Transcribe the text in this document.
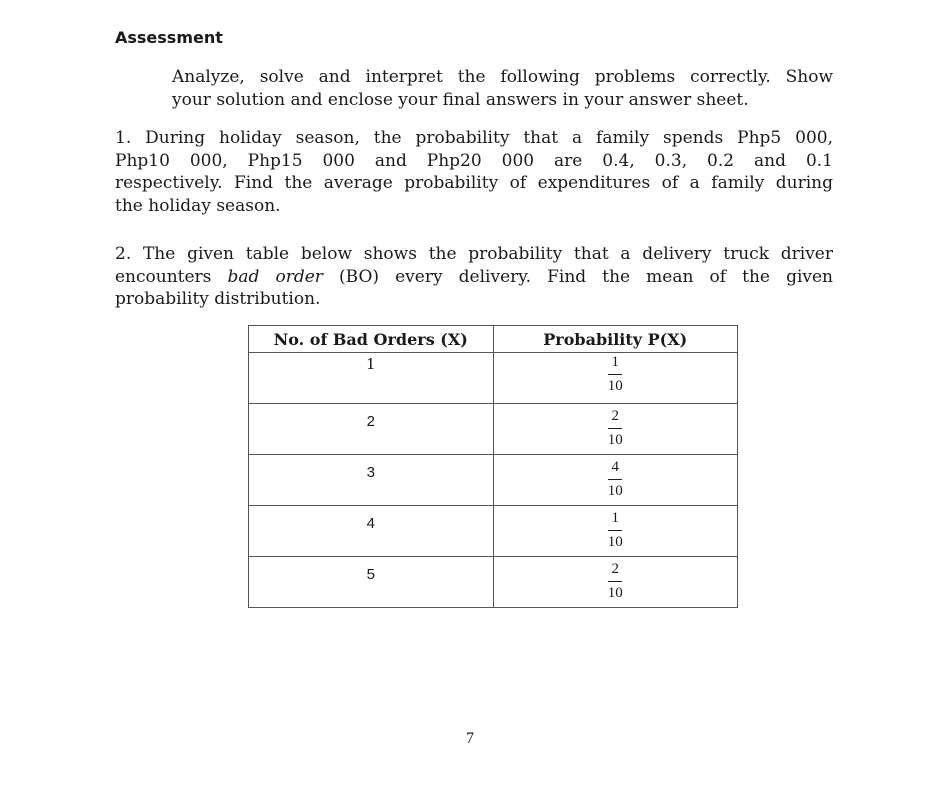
Assessment

Analyze, solve and interpret the following problems correctly. Show
your solution and enclose your final answers in your answer sheet.

1. During holiday season, the probability that a family spends Php5 000,
Php10 000, Php15 000 and Php20 000 are 0.4, 0.3, 0.2 and 0.1
respectively. Find the average probability of expenditures of a family during
the holiday season.

2. The given table below shows the probability that a delivery truck driver
encounters bad order (BO) every delivery. Find the mean of the given
probability distribution.

No. of Bad Orders (X)	Probability P(X)

1	$\frac{1}{10}$

2	$\frac{2}{10}$

3	$\frac{4}{10}$

4	$\frac{1}{10}$

5	$\frac{2}{10}$
7
